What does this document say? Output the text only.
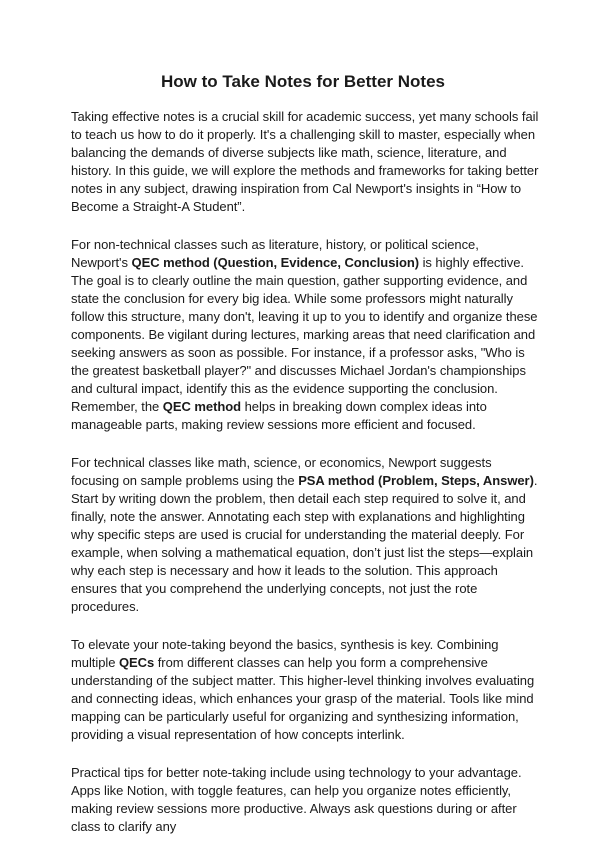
How to Take Notes for Better Notes

Taking effective notes is a crucial skill for academic success, yet many schools fail to teach us how to do it properly. It's a challenging skill to master, especially when balancing the demands of diverse subjects like math, science, literature, and history. In this guide, we will explore the methods and frameworks for taking better notes in any subject, drawing inspiration from Cal Newport's insights in “How to Become a Straight-A Student”.

For non-technical classes such as literature, history, or political science, Newport's QEC method (Question, Evidence, Conclusion) is highly effective. The goal is to clearly outline the main question, gather supporting evidence, and state the conclusion for every big idea. While some professors might naturally follow this structure, many don't, leaving it up to you to identify and organize these components. Be vigilant during lectures, marking areas that need clarification and seeking answers as soon as possible. For instance, if a professor asks, "Who is the greatest basketball player?" and discusses Michael Jordan's championships and cultural impact, identify this as the evidence supporting the conclusion. Remember, the QEC method helps in breaking down complex ideas into manageable parts, making review sessions more efficient and focused.

For technical classes like math, science, or economics, Newport suggests focusing on sample problems using the PSA method (Problem, Steps, Answer). Start by writing down the problem, then detail each step required to solve it, and finally, note the answer. Annotating each step with explanations and highlighting why specific steps are used is crucial for understanding the material deeply. For example, when solving a mathematical equation, don’t just list the steps—explain why each step is necessary and how it leads to the solution. This approach ensures that you comprehend the underlying concepts, not just the rote procedures.

To elevate your note-taking beyond the basics, synthesis is key. Combining multiple QECs from different classes can help you form a comprehensive understanding of the subject matter. This higher-level thinking involves evaluating and connecting ideas, which enhances your grasp of the material. Tools like mind mapping can be particularly useful for organizing and synthesizing information, providing a visual representation of how concepts interlink.

Practical tips for better note-taking include using technology to your advantage. Apps like Notion, with toggle features, can help you organize notes efficiently, making review sessions more productive. Always ask questions during or after class to clarify any
